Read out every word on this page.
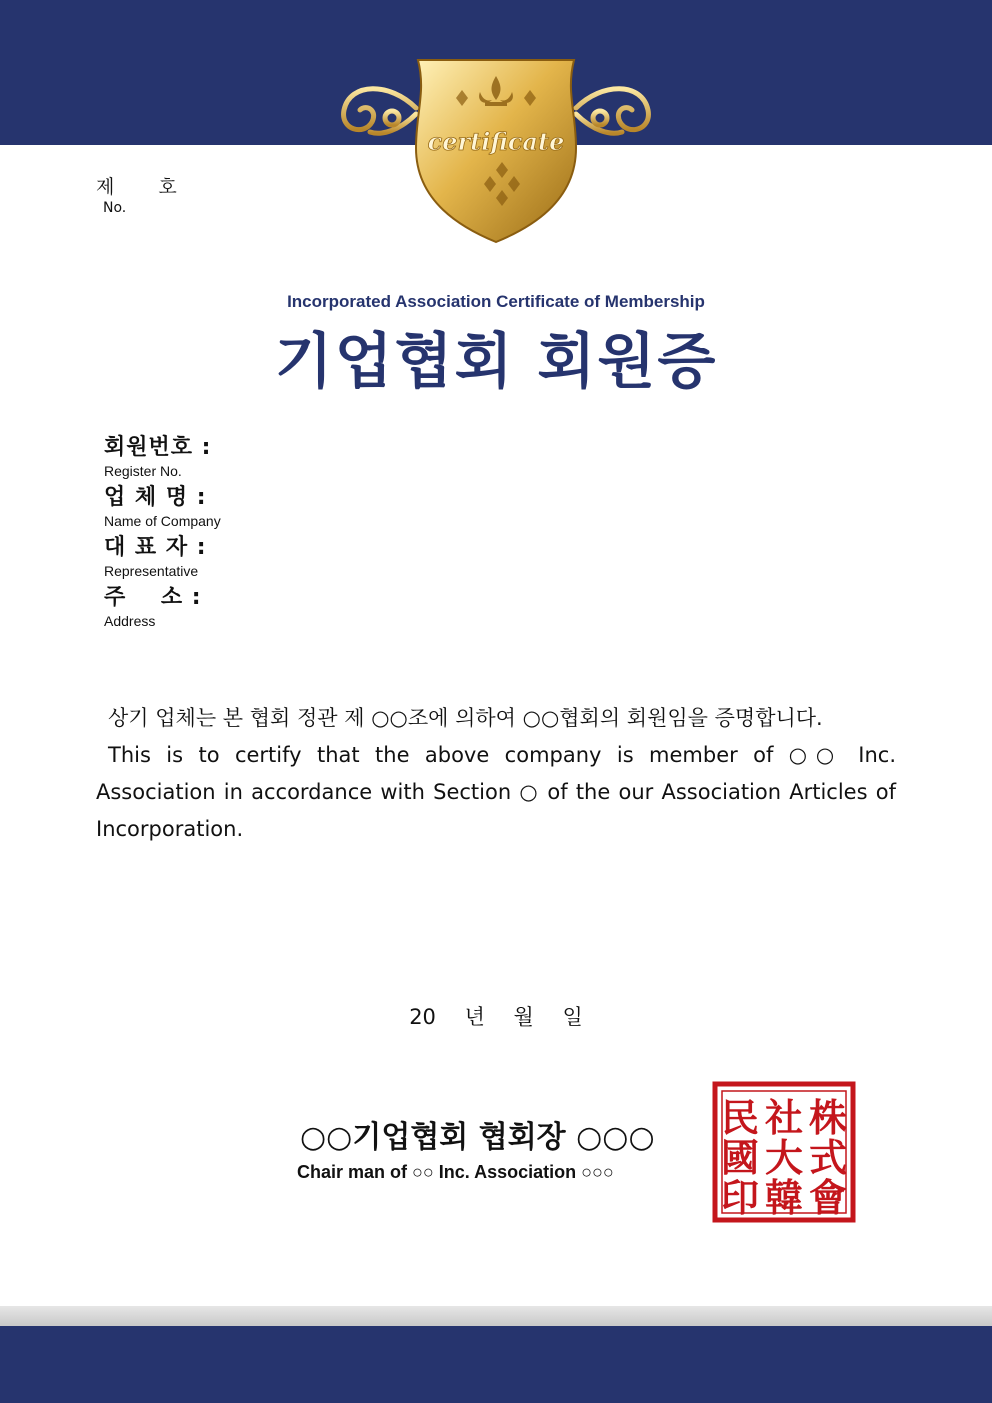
certificate
제 호
No.
Incorporated Association Certificate of Membership
기업협회 회원증
회원번호 :
Register No.
업 체 명 :
Name of Company
대 표 자 :
Representative
주    소 :
Address

상기 업체는 본 협회 정관 제 ○○조에 의하여 ○○협회의 회원임을 증명합니다.

This is to certify that the above company is member of ○○ Inc. Association in accordance with Section ○ of the our Association Articles of Incorporation.

20 년 월 일
○○기업협회 협회장 ○○○
Chair man of ○○ Inc. Association ○○○
株
式
會
社
大
韓
民
國
印
